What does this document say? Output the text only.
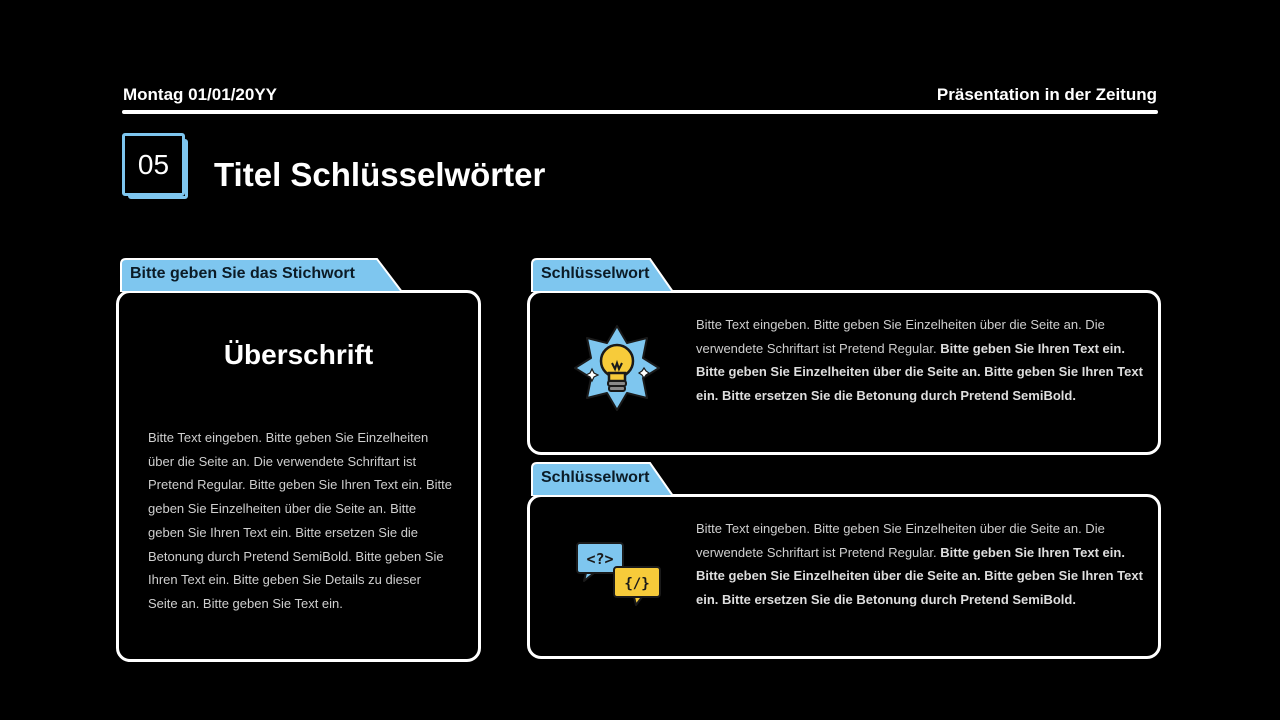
Montag 01/01/20YY	Präsentation in der Zeitung
05	Titel Schlüsselwörter
Bitte geben Sie das Stichwort
Überschrift
Bitte Text eingeben. Bitte geben Sie Einzelheiten über die Seite an. Die verwendete Schriftart ist Pretend Regular. Bitte geben Sie Ihren Text ein. Bitte geben Sie Einzelheiten über die Seite an. Bitte geben Sie Ihren Text ein. Bitte ersetzen Sie die Betonung durch Pretend SemiBold. Bitte geben Sie Ihren Text ein. Bitte geben Sie Details zu dieser Seite an. Bitte geben Sie Text ein.
Schlüsselwort
Bitte Text eingeben. Bitte geben Sie Einzelheiten über die Seite an. Die verwendete Schriftart ist Pretend Regular. Bitte geben Sie Ihren Text ein. Bitte geben Sie Einzelheiten über die Seite an. Bitte geben Sie Ihren Text ein. Bitte ersetzen Sie die Betonung durch Pretend SemiBold.
Schlüsselwort
<?>
{/}
Bitte Text eingeben. Bitte geben Sie Einzelheiten über die Seite an. Die verwendete Schriftart ist Pretend Regular. Bitte geben Sie Ihren Text ein. Bitte geben Sie Einzelheiten über die Seite an. Bitte geben Sie Ihren Text ein. Bitte ersetzen Sie die Betonung durch Pretend SemiBold.
